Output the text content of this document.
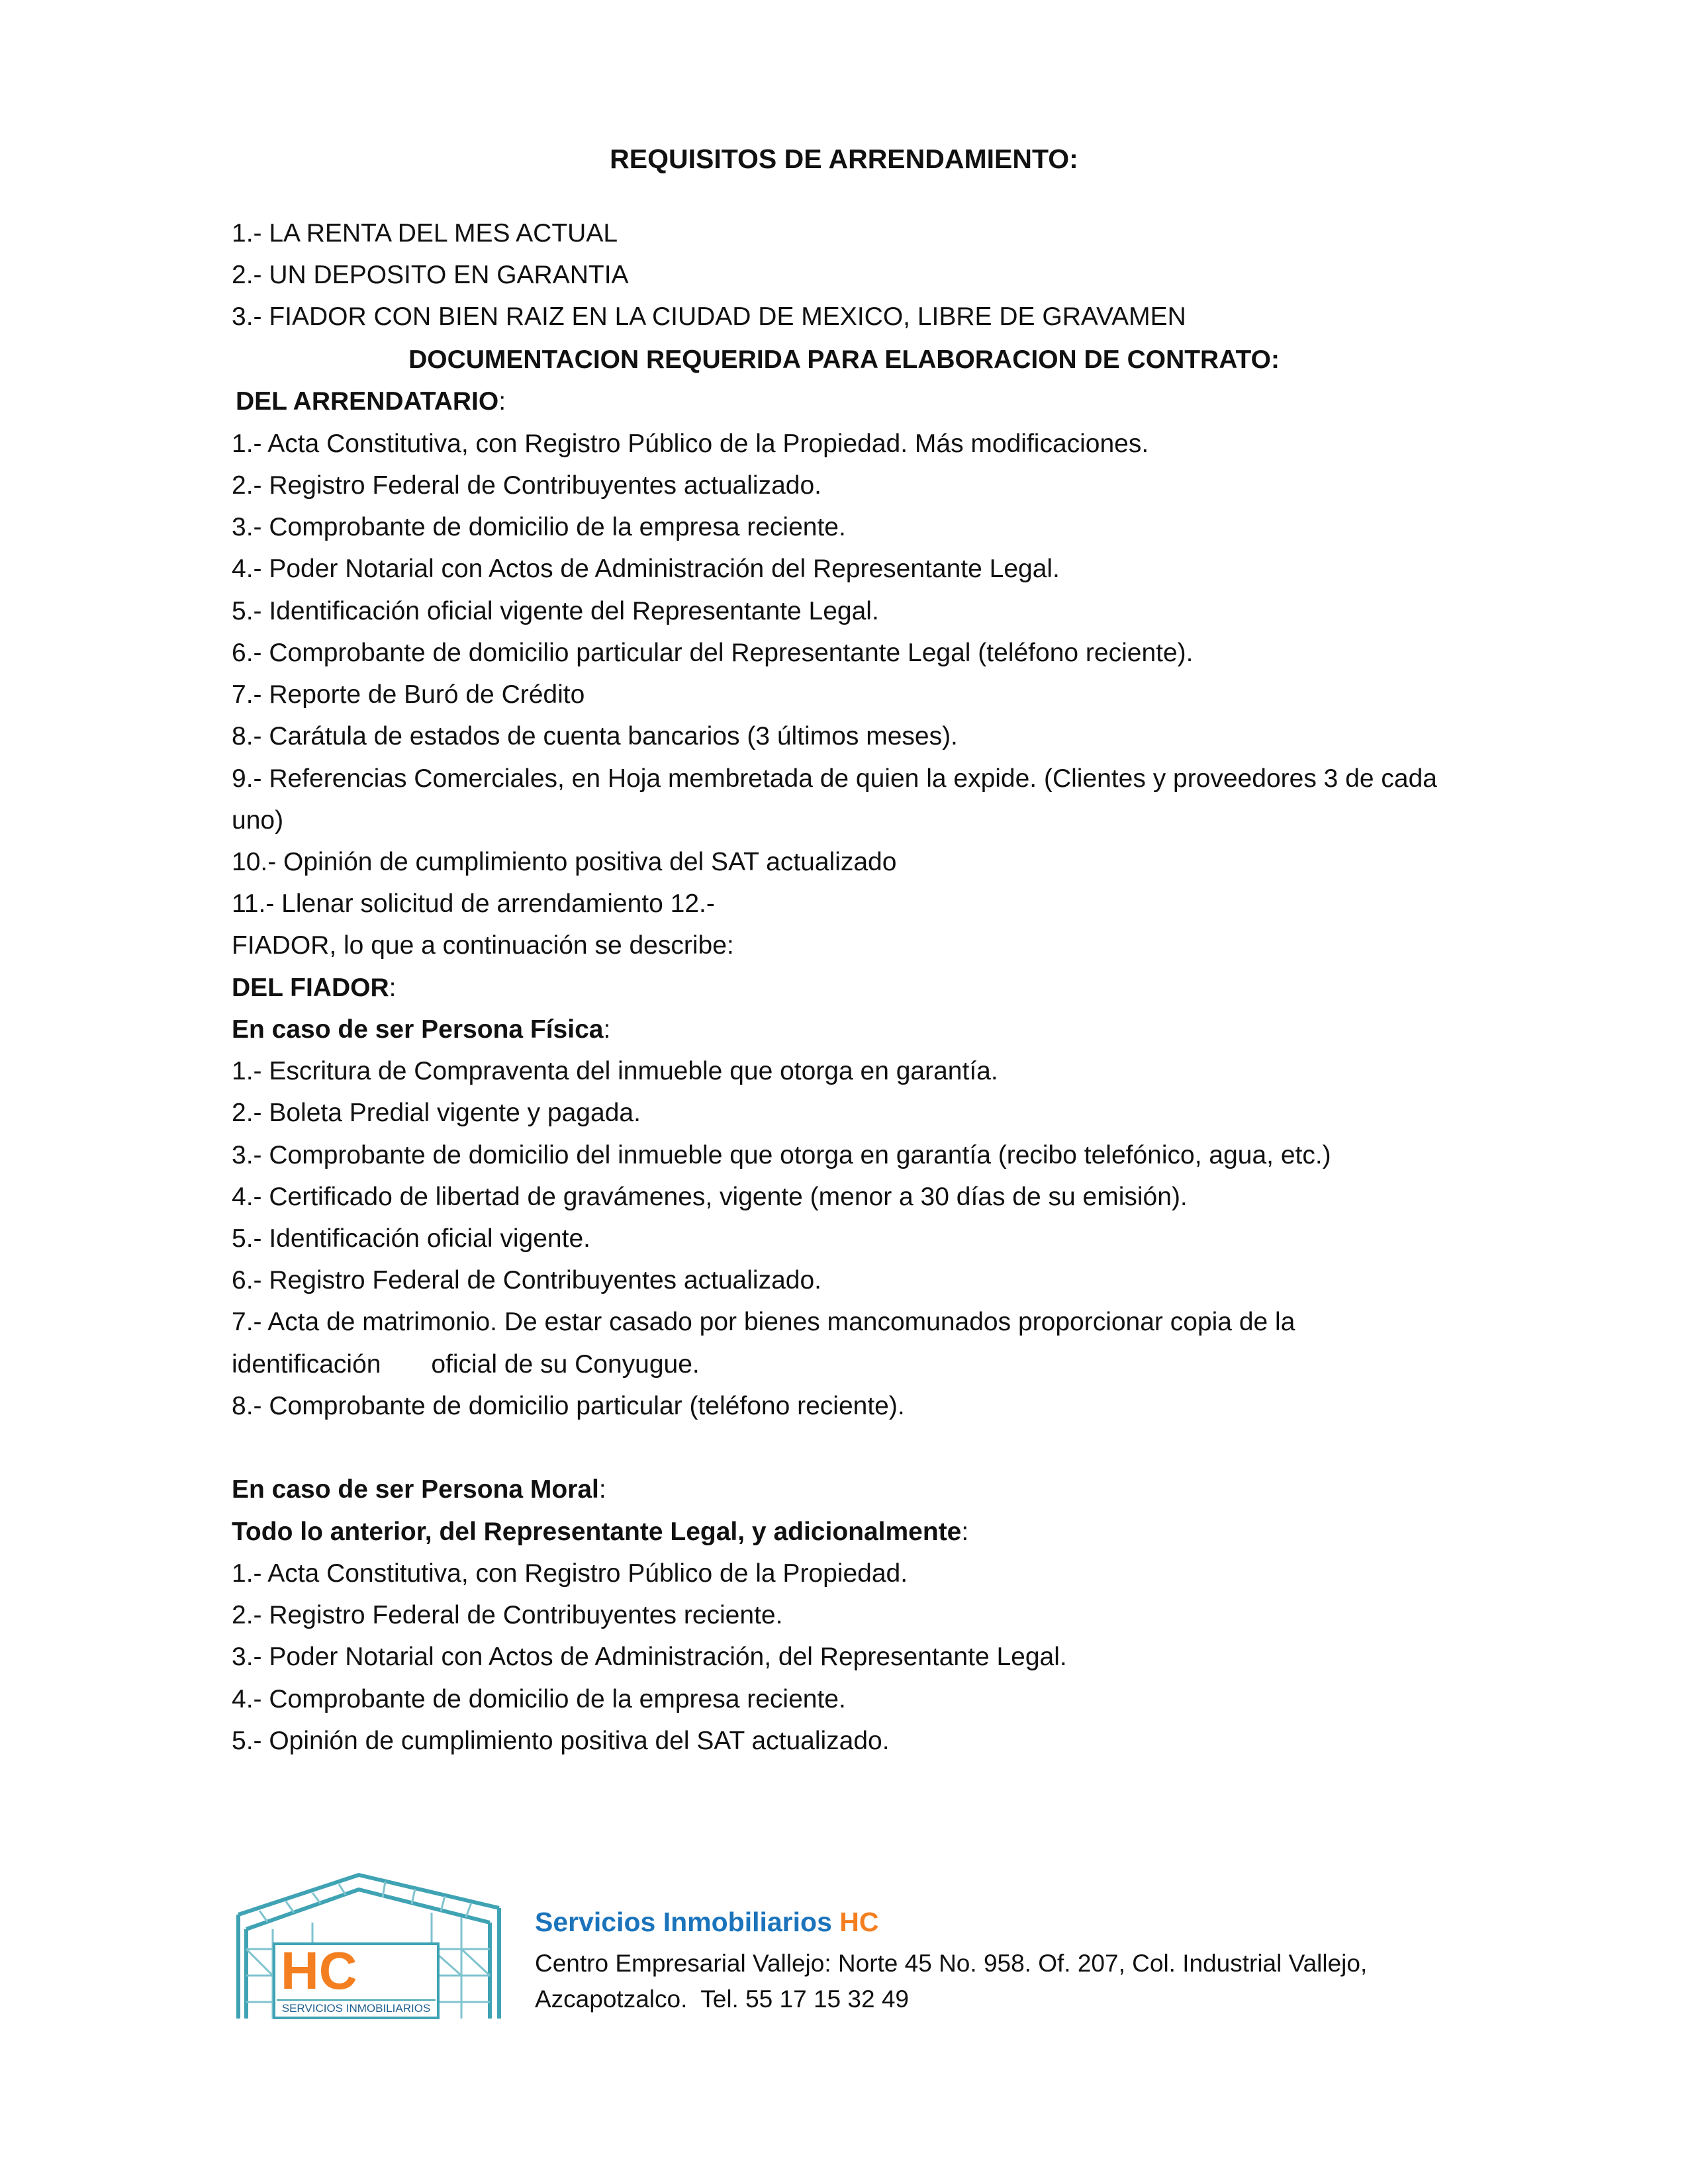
REQUISITOS DE ARRENDAMIENTO:
1.- LA RENTA DEL MES ACTUAL
2.- UN DEPOSITO EN GARANTIA
3.- FIADOR CON BIEN RAIZ EN LA CIUDAD DE MEXICO, LIBRE DE GRAVAMEN
DOCUMENTACION REQUERIDA PARA ELABORACION DE CONTRATO:
DEL ARRENDATARIO:
1.- Acta Constitutiva, con Registro Público de la Propiedad. Más modificaciones.
2.- Registro Federal de Contribuyentes actualizado.
3.- Comprobante de domicilio de la empresa reciente.
4.- Poder Notarial con Actos de Administración del Representante Legal.
5.- Identificación oficial vigente del Representante Legal.
6.- Comprobante de domicilio particular del Representante Legal (teléfono reciente).
7.- Reporte de Buró de Crédito
8.- Carátula de estados de cuenta bancarios (3 últimos meses).
9.- Referencias Comerciales, en Hoja membretada de quien la expide. (Clientes y proveedores 3 de cada
uno)
10.- Opinión de cumplimiento positiva del SAT actualizado
11.- Llenar solicitud de arrendamiento 12.-
FIADOR, lo que a continuación se describe:
DEL FIADOR:
En caso de ser Persona Física:
1.- Escritura de Compraventa del inmueble que otorga en garantía.
2.- Boleta Predial vigente y pagada.
3.- Comprobante de domicilio del inmueble que otorga en garantía (recibo telefónico, agua, etc.)
4.- Certificado de libertad de gravámenes, vigente (menor a 30 días de su emisión).
5.- Identificación oficial vigente.
6.- Registro Federal de Contribuyentes actualizado.
7.- Acta de matrimonio. De estar casado por bienes mancomunados proporcionar copia de la
identificación       oficial de su Conyugue.
8.- Comprobante de domicilio particular (teléfono reciente).
En caso de ser Persona Moral:
Todo lo anterior, del Representante Legal, y adicionalmente:
1.- Acta Constitutiva, con Registro Público de la Propiedad.
2.- Registro Federal de Contribuyentes reciente.
3.- Poder Notarial con Actos de Administración, del Representante Legal.
4.- Comprobante de domicilio de la empresa reciente.
5.- Opinión de cumplimiento positiva del SAT actualizado.
HC
SERVICIOS INMOBILIARIOS
Servicios Inmobiliarios HC
Centro Empresarial Vallejo: Norte 45 No. 958. Of. 207, Col. Industrial Vallejo,
Azcapotzalco.  Tel. 55 17 15 32 49
